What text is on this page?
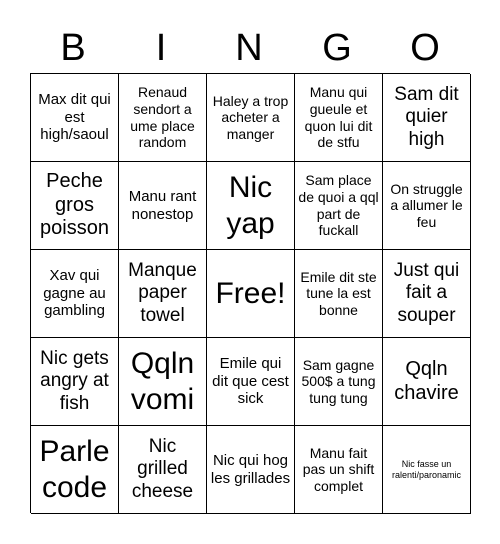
B	I	N	G	O
Max dit qui est high/saoul
Renaud sendort a ume place random
Haley a trop acheter a manger
Manu qui gueule et quon lui dit de stfu
Sam dit quier high
Peche gros poisson
Manu rant nonestop
Nic yap
Sam place de quoi a qql part de fuckall
On struggle a allumer le feu
Xav qui gagne au gambling
Manque paper towel
Free!	Emile dit ste tune la est bonne
Just qui fait a souper
Nic gets angry at fish
Qqln vomi
Emile qui dit que cest sick
Sam gagne 500$ a tung tung tung
Qqln chavire
Parle code
Nic grilled cheese
Nic qui hog les grillades
Manu fait pas un shift complet
Nic fasse un ralenti/paronamic
